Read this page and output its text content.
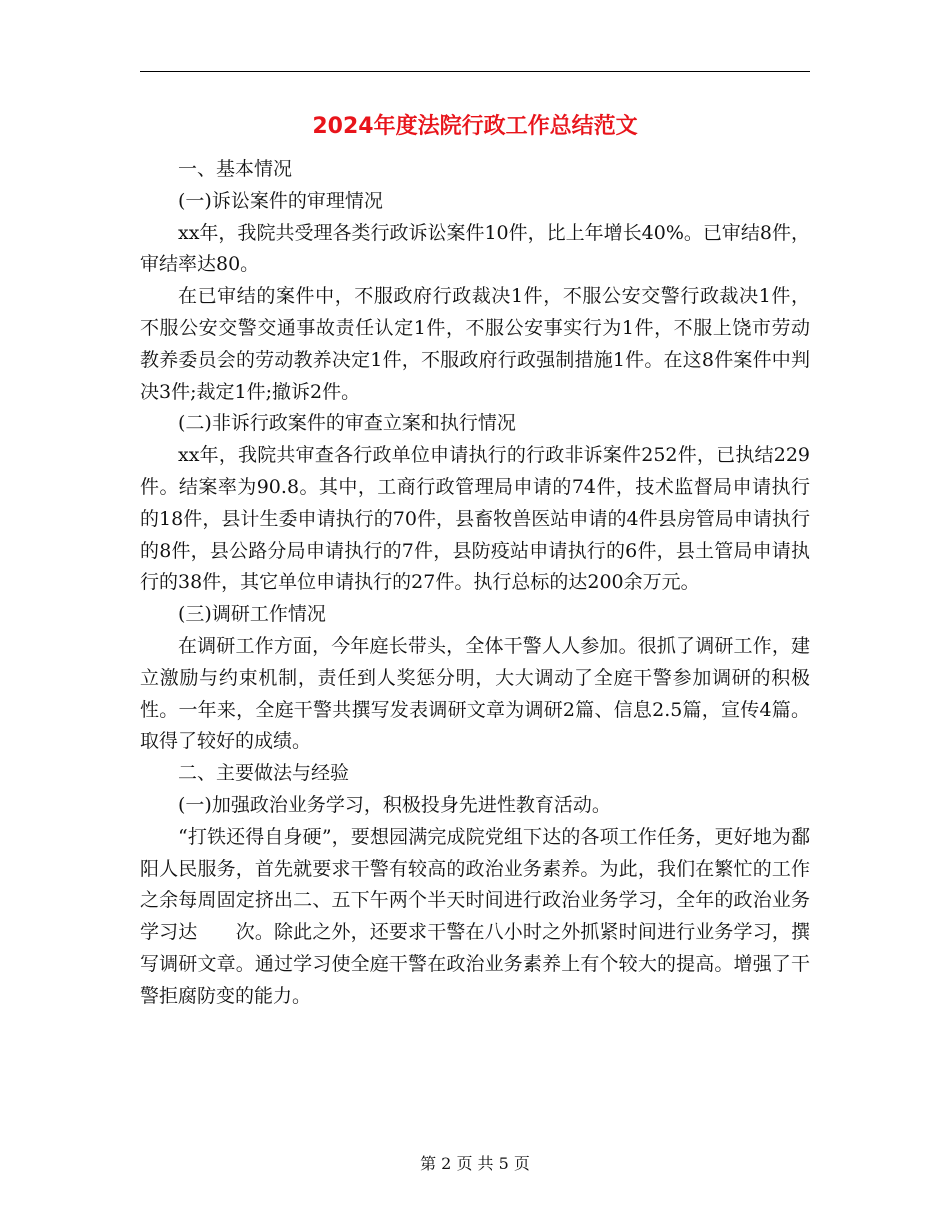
2024年度法院行政工作总结范文

一、基本情况

(一)诉讼案件的审理情况

xx年，我院共受理各类行政诉讼案件10件，比上年增长40%。已审结8件，审结率达80。

在已审结的案件中，不服政府行政裁决1件，不服公安交警行政裁决1件，不服公安交警交通事故责任认定1件，不服公安事实行为1件，不服上饶市劳动教养委员会的劳动教养决定1件，不服政府行政强制措施1件。在这8件案件中判决3件;裁定1件;撤诉2件。

(二)非诉行政案件的审查立案和执行情况

xx年，我院共审查各行政单位申请执行的行政非诉案件252件，已执结229件。结案率为90.8。其中，工商行政管理局申请的74件，技术监督局申请执行的18件，县计生委申请执行的70件，县畜牧兽医站申请的4件县房管局申请执行的8件，县公路分局申请执行的7件，县防疫站申请执行的6件，县土管局申请执行的38件，其它单位申请执行的27件。执行总标的达200余万元。

(三)调研工作情况

在调研工作方面，今年庭长带头，全体干警人人参加。很抓了调研工作，建立激励与约束机制，责任到人奖惩分明，大大调动了全庭干警参加调研的积极性。一年来，全庭干警共撰写发表调研文章为调研2篇、信息2.5篇，宣传4篇。取得了较好的成绩。

二、主要做法与经验

(一)加强政治业务学习，积极投身先进性教育活动。

“打铁还得自身硬”，要想园满完成院党组下达的各项工作任务，更好地为鄱阳人民服务，首先就要求干警有较高的政治业务素养。为此，我们在繁忙的工作之余每周固定挤出二、五下午两个半天时间进行政治业务学习，全年的政治业务学习达　　次。除此之外，还要求干警在八小时之外抓紧时间进行业务学习，撰写调研文章。通过学习使全庭干警在政治业务素养上有个较大的提高。增强了干警拒腐防变的能力。

第 2 页 共 5 页
